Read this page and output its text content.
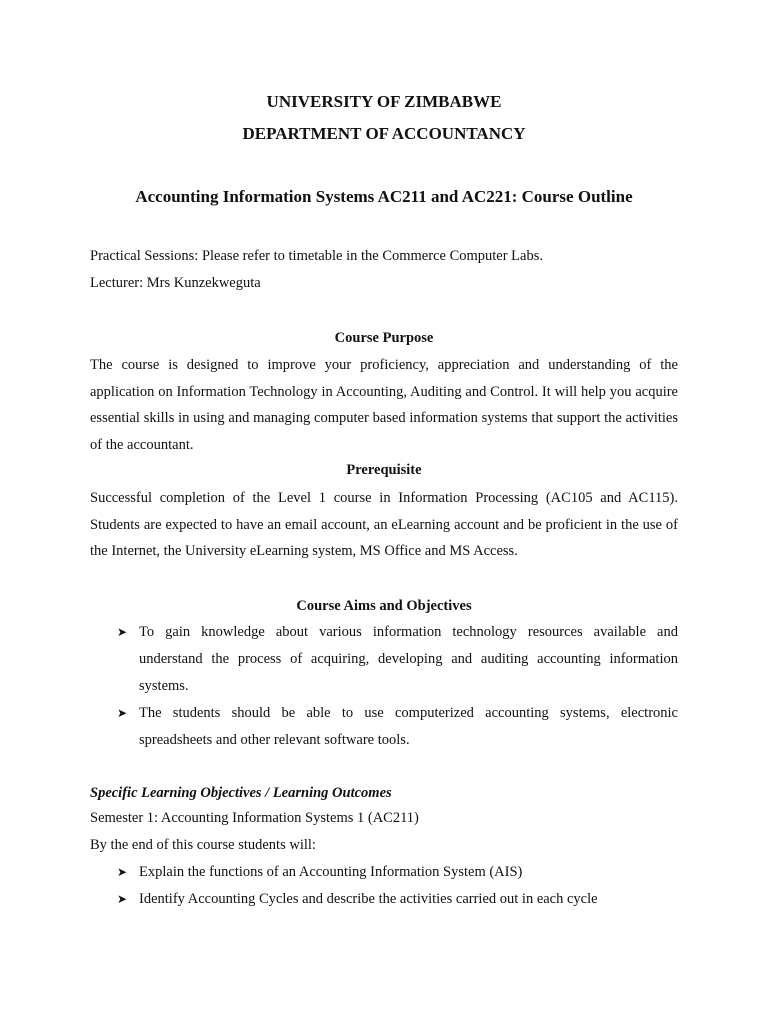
UNIVERSITY OF ZIMBABWE
DEPARTMENT OF ACCOUNTANCY
Accounting Information Systems AC211 and AC221: Course Outline
Practical Sessions: Please refer to timetable in the Commerce Computer Labs.
Lecturer: Mrs Kunzekweguta
Course Purpose
The course is designed to improve your proficiency, appreciation and understanding of the application on Information Technology in Accounting, Auditing and Control. It will help you acquire essential skills in using and managing computer based information systems that support the activities of the accountant.
Prerequisite
Successful completion of the Level 1 course in Information Processing (AC105 and AC115). Students are expected to have an email account, an eLearning account and be proficient in the use of the Internet, the University eLearning system, MS Office and MS Access.
Course Aims and Objectives
➤ To gain knowledge about various information technology resources available and understand the process of acquiring, developing and auditing accounting information systems.
➤ The students should be able to use computerized accounting systems, electronic spreadsheets and other relevant software tools.
Specific Learning Objectives / Learning Outcomes
Semester 1: Accounting Information Systems 1 (AC211)
By the end of this course students will:
➤ Explain the functions of an Accounting Information System (AIS)
➤ Identify Accounting Cycles and describe the activities carried out in each cycle
